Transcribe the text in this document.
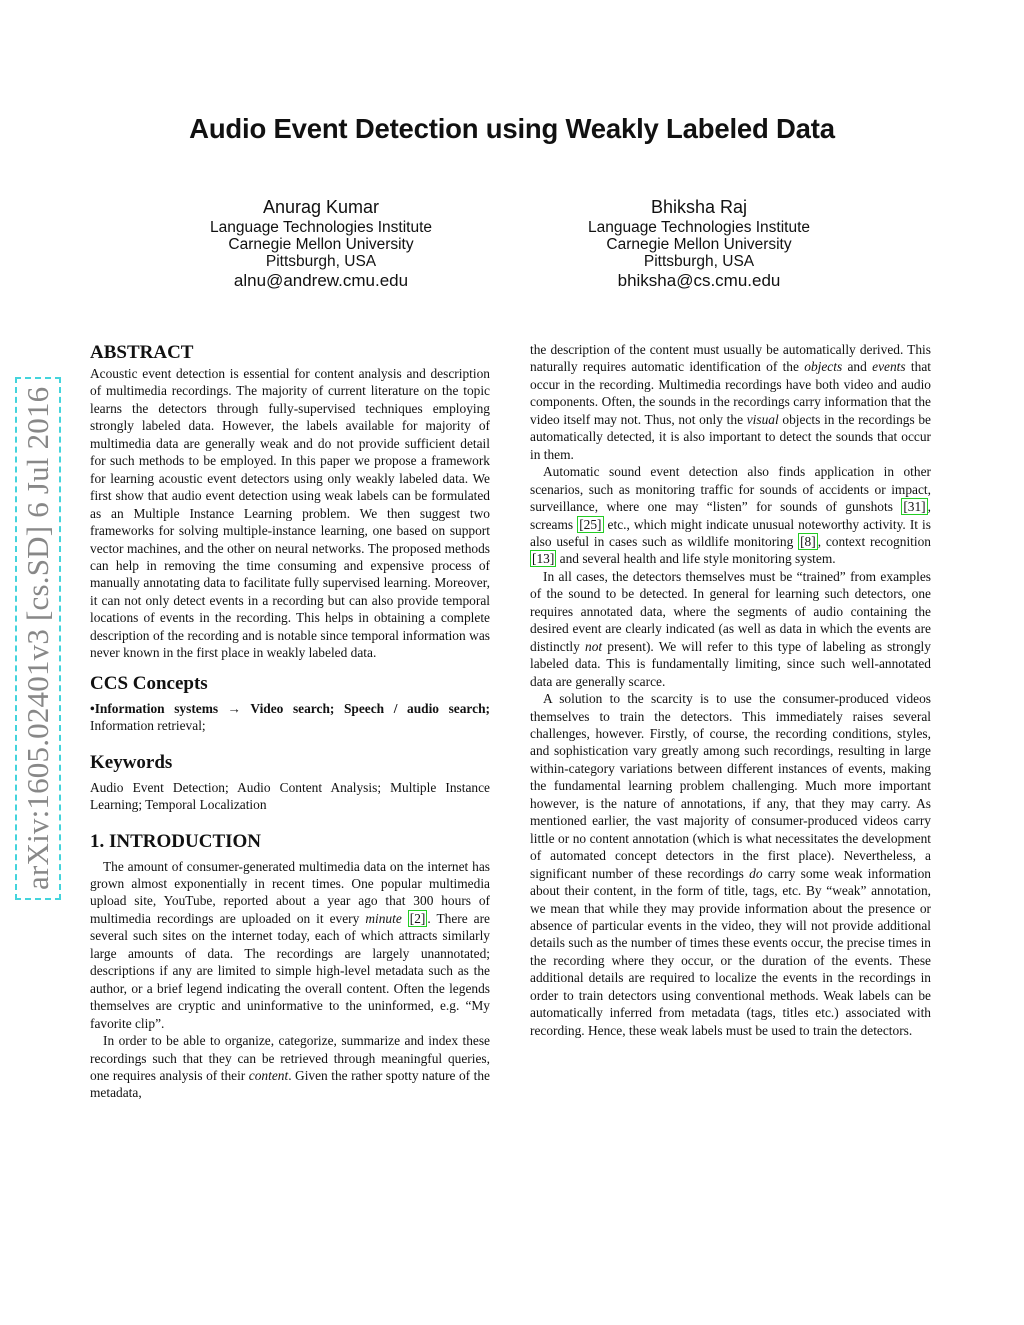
Audio Event Detection using Weakly Labeled Data
Anurag Kumar
Language Technologies Institute
Carnegie Mellon University
Pittsburgh, USA
alnu@andrew.cmu.edu
Bhiksha Raj
Language Technologies Institute
Carnegie Mellon University
Pittsburgh, USA
bhiksha@cs.cmu.edu
arXiv:1605.02401v3 [cs.SD] 6 Jul 2016
ABSTRACT

Acoustic event detection is essential for content analysis and description of multimedia recordings. The majority of current literature on the topic learns the detectors through fully-supervised techniques employing strongly labeled data. However, the labels available for majority of multimedia data are generally weak and do not provide sufficient detail for such methods to be employed. In this paper we propose a framework for learning acoustic event detectors using only weakly labeled data. We first show that audio event detection using weak labels can be formulated as an Multiple Instance Learning problem. We then suggest two frameworks for solving multiple-instance learning, one based on support vector machines, and the other on neural networks. The proposed methods can help in removing the time consuming and expensive process of manually annotating data to facilitate fully supervised learning. Moreover, it can not only detect events in a recording but can also provide temporal locations of events in the recording. This helps in obtaining a complete description of the recording and is notable since temporal information was never known in the first place in weakly labeled data.

CCS Concepts

•Information systems → Video search; Speech / audio search; Information retrieval;

Keywords

Audio Event Detection; Audio Content Analysis; Multiple Instance Learning; Temporal Localization

1. INTRODUCTION

The amount of consumer-generated multimedia data on the internet has grown almost exponentially in recent times. One popular multimedia upload site, YouTube, reported about a year ago that 300 hours of multimedia recordings are uploaded on it every minute [2] . There are several such sites on the internet today, each of which attracts similarly large amounts of data. The recordings are largely unannotated; descriptions if any are limited to simple high-level metadata such as the author, or a brief legend indicating the overall content. Often the legends themselves are cryptic and uninformative to the uninformed, e.g. “My favorite clip”.

In order to be able to organize, categorize, summarize and index these recordings such that they can be retrieved through meaningful queries, one requires analysis of their content. Given the rather spotty nature of the metadata,

the description of the content must usually be automatically derived. This naturally requires automatic identification of the objects and events that occur in the recording. Multimedia recordings have both video and audio components. Often, the sounds in the recordings carry information that the video itself may not. Thus, not only the visual objects in the recordings be automatically detected, it is also important to detect the sounds that occur in them.

Automatic sound event detection also finds application in other scenarios, such as monitoring traffic for sounds of accidents or impact, surveillance, where one may “listen” for sounds of gunshots [31] , screams [25] etc., which might indicate unusual noteworthy activity. It is also useful in cases such as wildlife monitoring [8] , context recognition [13] and several health and life style monitoring system.

In all cases, the detectors themselves must be “trained” from examples of the sound to be detected. In general for learning such detectors, one requires annotated data, where the segments of audio containing the desired event are clearly indicated (as well as data in which the events are distinctly not present). We will refer to this type of labeling as strongly labeled data. This is fundamentally limiting, since such well-annotated data are generally scarce.

A solution to the scarcity is to use the consumer-produced videos themselves to train the detectors. This immediately raises several challenges, however. Firstly, of course, the recording conditions, styles, and sophistication vary greatly among such recordings, resulting in large within-category variations between different instances of events, making the fundamental learning problem challenging. Much more important however, is the nature of annotations, if any, that they may carry. As mentioned earlier, the vast majority of consumer-produced videos carry little or no content annotation (which is what necessitates the development of automated concept detectors in the first place). Nevertheless, a significant number of these recordings do carry some weak information about their content, in the form of title, tags, etc. By “weak” annotation, we mean that while they may provide information about the presence or absence of particular events in the video, they will not provide additional details such as the number of times these events occur, the precise times in the recording where they occur, or the duration of the events. These additional details are required to localize the events in the recordings in order to train detectors using conventional methods. Weak labels can be automatically inferred from metadata (tags, titles etc.) associated with recording. Hence, these weak labels must be used to train the detectors.
